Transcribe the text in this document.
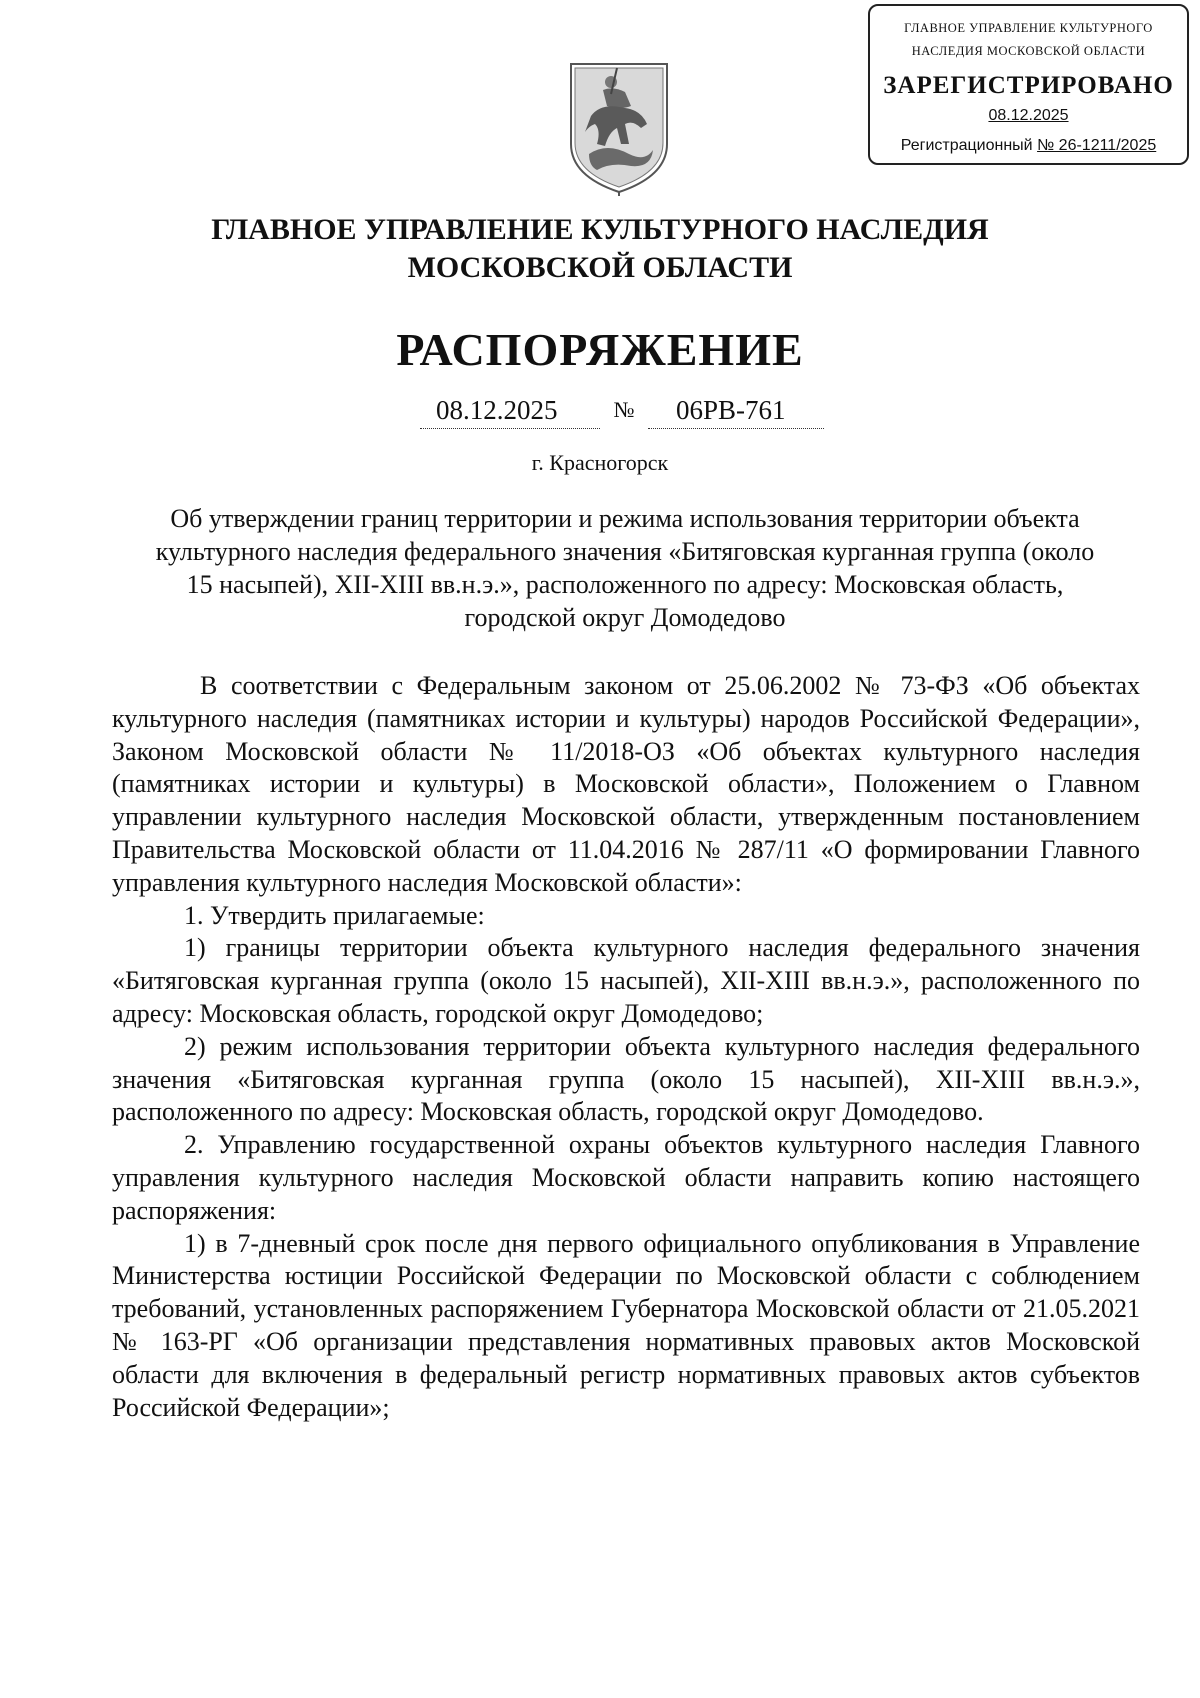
ГЛАВНОЕ УПРАВЛЕНИЕ КУЛЬТУРНОГО
НАСЛЕДИЯ МОСКОВСКОЙ ОБЛАСТИ
ЗАРЕГИСТРИРОВАНО
08.12.2025
Регистрационный № 26-1211/2025
ГЛАВНОЕ УПРАВЛЕНИЕ КУЛЬТУРНОГО НАСЛЕДИЯ
МОСКОВСКОЙ ОБЛАСТИ
РАСПОРЯЖЕНИЕ
08.12.2025	№	06РВ-761
г. Красногорск
Об утверждении границ территории и режима использования территории объекта
культурного наследия федерального значения «Битяговская курганная группа (около
15 насыпей), XII-XIII вв.н.э.», расположенного по адресу: Московская область,
городской округ Домодедово

В соответствии с Федеральным законом от 25.06.2002 № 73-ФЗ «Об объектах культурного наследия (памятниках истории и культуры) народов Российской Федерации», Законом Московской области № 11/2018-ОЗ «Об объектах культурного наследия (памятниках истории и культуры) в Московской области», Положением о Главном управлении культурного наследия Московской области, утвержденным постановлением Правительства Московской области от 11.04.2016 № 287/11 «О формировании Главного управления культурного наследия Московской области»:

1. Утвердить прилагаемые:

1) границы территории объекта культурного наследия федерального значения «Битяговская курганная группа (около 15 насыпей), XII-XIII вв.н.э.», расположенного по адресу: Московская область, городской округ Домодедово;

2) режим использования территории объекта культурного наследия федерального значения «Битяговская курганная группа (около 15 насыпей), XII-XIII вв.н.э.», расположенного по адресу: Московская область, городской округ Домодедово.

2. Управлению государственной охраны объектов культурного наследия Главного управления культурного наследия Московской области направить копию настоящего распоряжения:

1) в 7-дневный срок после дня первого официального опубликования в Управление Министерства юстиции Российской Федерации по Московской области с соблюдением требований, установленных распоряжением Губернатора Московской области от 21.05.2021 № 163-РГ «Об организации представления нормативных правовых актов Московской области для включения в федеральный регистр нормативных правовых актов субъектов Российской Федерации»;
